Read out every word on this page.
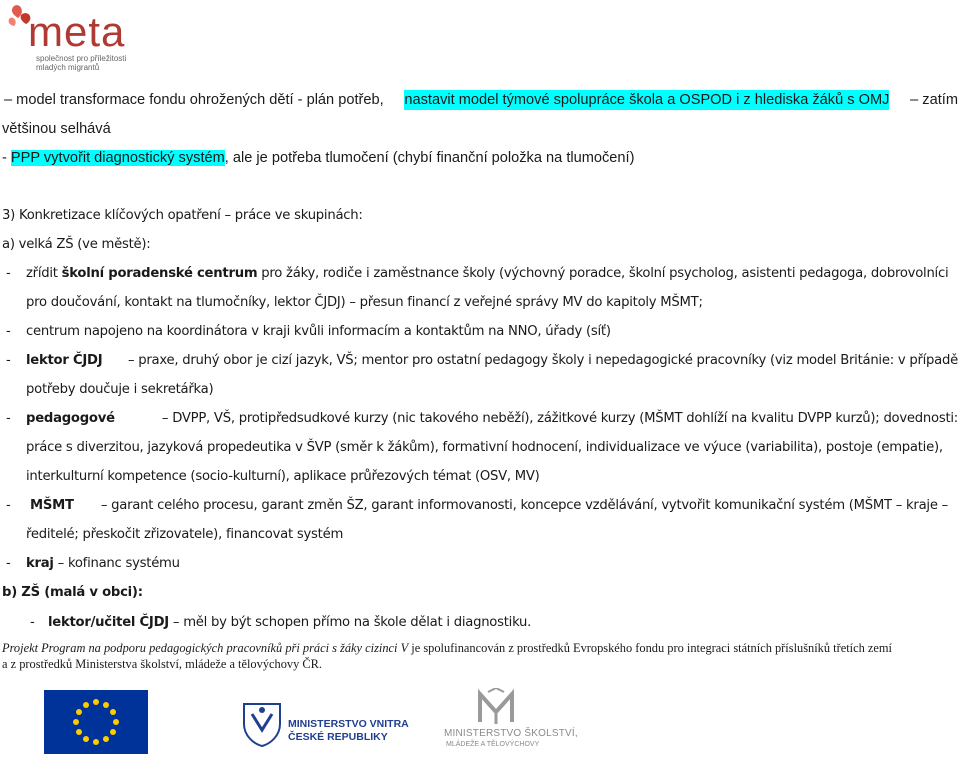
meta
společnost pro příležitosti
mladých migrantů
– model transformace fondu ohrožených dětí - plán potřeb, nastavit model týmové spolupráce škola a OSPOD i z hlediska žáků s OMJ – zatím
většinou selhává
- PPP vytvořit diagnostický systém, ale je potřeba tlumočení (chybí finanční položka na tlumočení)
3) Konkretizace klíčových opatření – práce ve skupinách:
a) velká ZŠ (ve městě):
- zřídit školní poradenské centrum pro žáky, rodiče i zaměstnance školy (výchovný poradce, školní psycholog, asistenti pedagoga, dobrovolníci
pro doučování, kontakt na tlumočníky, lektor ČJDJ) – přesun financí z veřejné správy MV do kapitoly MŠMT;
- centrum napojeno na koordinátora v kraji kvůli informacím a kontaktům na NNO, úřady (síť)
- lektor ČJDJ – praxe, druhý obor je cizí jazyk, VŠ; mentor pro ostatní pedagogy školy i nepedagogické pracovníky (viz model Británie: v případě
potřeby doučuje i sekretářka)
- pedagogové	– DVPP, VŠ, protipředsudkové kurzy (nic takového neběží), zážitkové kurzy (MŠMT dohlíží na kvalitu DVPP kurzů); dovednosti:
práce s diverzitou, jazyková propedeutika v ŠVP (směr k žákům), formativní hodnocení, individualizace ve výuce (variabilita), postoje (empatie),
interkulturní kompetence (socio-kulturní), aplikace průřezových témat (OSV, MV)
- MŠMT – garant celého procesu, garant změn ŠZ, garant informovanosti, koncepce vzdělávání, vytvořit komunikační systém (MŠMT – kraje –
ředitelé; přeskočit zřizovatele), financovat systém
- kraj – kofinanc systému
b) ZŠ (malá v obci):
- lektor/učitel ČJDJ – měl by být schopen přímo na škole dělat i diagnostiku.
Projekt Program na podporu pedagogických pracovníků při práci s žáky cizinci V je spolufinancován z prostředků Evropského fondu pro integraci státních příslušníků třetích zemí
a z prostředků Ministerstva školství, mládeže a tělovýchovy ČR.
MINISTERSTVO VNITRA
ČESKÉ REPUBLIKY	MINISTERSTVO ŠKOLSTVÍ,
MLÁDEŽE A TĚLOVÝCHOVY
